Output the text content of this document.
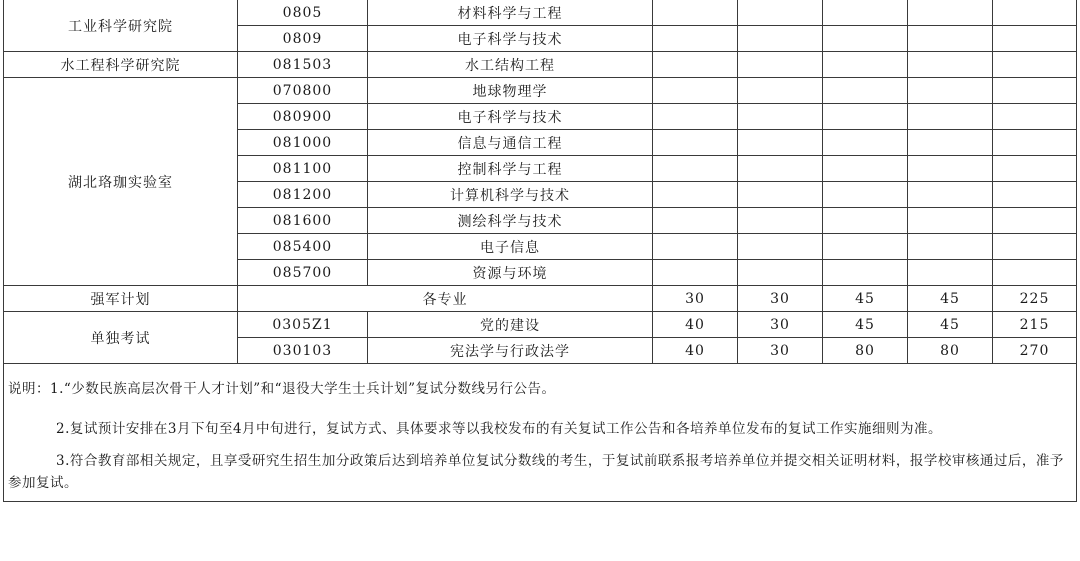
工业科学研究院	0805	材料科学与工程					
	0809	电子科学与技术					
水工程科学研究院	081503	水工结构工程					
湖北珞珈实验室	070800	地球物理学					
	080900	电子科学与技术					
	081000	信息与通信工程					
	081100	控制科学与工程					
	081200	计算机科学与技术					
	081600	测绘科学与技术					
	085400	电子信息					
	085700	资源与环境					
强军计划	各专业		30	30	45	45	225
单独考试	0305Z1	党的建设	40	30	45	45	215
	030103	宪法学与行政法学	40	30	80	80	270

说明：1.“少数民族高层次骨干人才计划”和“退役大学生士兵计划”复试分数线另行公告。

2.复试预计安排在3月下旬至4月中旬进行，复试方式、具体要求等以我校发布的有关复试工作公告和各培养单位发布的复试工作实施细则为准。

3.符合教育部相关规定，且享受研究生招生加分政策后达到培养单位复试分数线的考生，于复试前联系报考培养单位并提交相关证明材料，报学校审核通过后，准予参加复试。							
